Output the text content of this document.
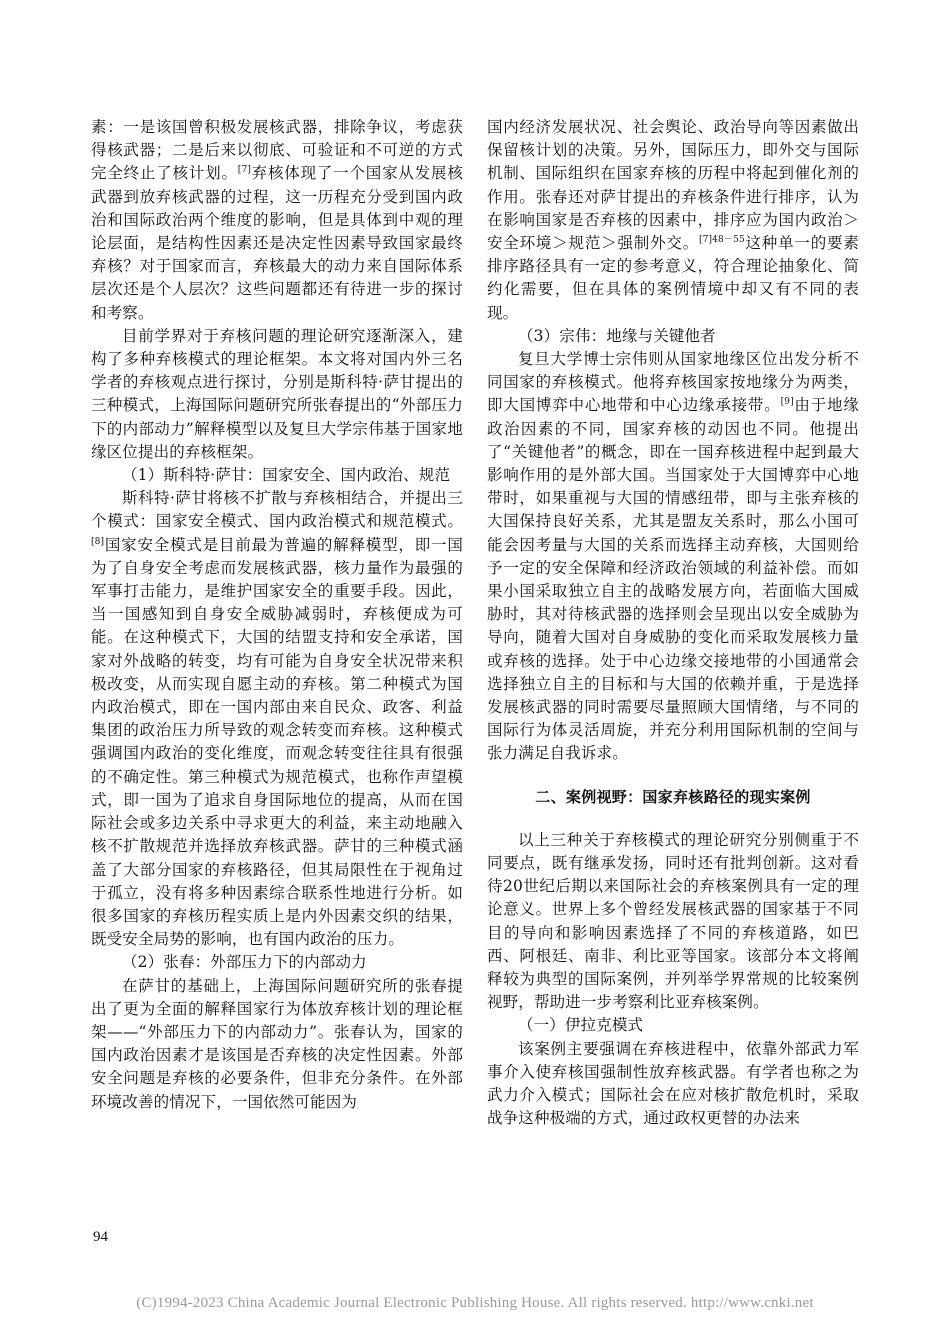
素：一是该国曾积极发展核武器，排除争议，考虑获得核武器；二是后来以彻底、可验证和不可逆的方式完全终止了核计划。[7]弃核体现了一个国家从发展核武器到放弃核武器的过程，这一历程充分受到国内政治和国际政治两个维度的影响，但是具体到中观的理论层面，是结构性因素还是决定性因素导致国家最终弃核？对于国家而言，弃核最大的动力来自国际体系层次还是个人层次？这些问题都还有待进一步的探讨和考察。

目前学界对于弃核问题的理论研究逐渐深入，建构了多种弃核模式的理论框架。本文将对国内外三名学者的弃核观点进行探讨，分别是斯科特·萨甘提出的三种模式，上海国际问题研究所张春提出的“外部压力下的内部动力”解释模型以及复旦大学宗伟基于国家地缘区位提出的弃核框架。

（1）斯科特·萨甘：国家安全、国内政治、规范

斯科特·萨甘将核不扩散与弃核相结合，并提出三个模式：国家安全模式、国内政治模式和规范模式。[8]国家安全模式是目前最为普遍的解释模型，即一国为了自身安全考虑而发展核武器，核力量作为最强的军事打击能力，是维护国家安全的重要手段。因此，当一国感知到自身安全威胁减弱时，弃核便成为可能。在这种模式下，大国的结盟支持和安全承诺，国家对外战略的转变，均有可能为自身安全状况带来积极改变，从而实现自愿主动的弃核。第二种模式为国内政治模式，即在一国内部由来自民众、政客、利益集团的政治压力所导致的观念转变而弃核。这种模式强调国内政治的变化维度，而观念转变往往具有很强的不确定性。第三种模式为规范模式，也称作声望模式，即一国为了追求自身国际地位的提高，从而在国际社会或多边关系中寻求更大的利益，来主动地融入核不扩散规范并选择放弃核武器。萨甘的三种模式涵盖了大部分国家的弃核路径，但其局限性在于视角过于孤立，没有将多种因素综合联系性地进行分析。如很多国家的弃核历程实质上是内外因素交织的结果，既受安全局势的影响，也有国内政治的压力。

（2）张春：外部压力下的内部动力

在萨甘的基础上，上海国际问题研究所的张春提出了更为全面的解释国家行为体放弃核计划的理论框架——“外部压力下的内部动力”。张春认为，国家的国内政治因素才是该国是否弃核的决定性因素。外部安全问题是弃核的必要条件，但非充分条件。在外部环境改善的情况下，一国依然可能因为

国内经济发展状况、社会舆论、政治导向等因素做出保留核计划的决策。另外，国际压力，即外交与国际机制、国际组织在国家弃核的历程中将起到催化剂的作用。张春还对萨甘提出的弃核条件进行排序，认为在影响国家是否弃核的因素中，排序应为国内政治＞安全环境＞规范＞强制外交。$^{[7]48-55}$这种单一的要素排序路径具有一定的参考意义，符合理论抽象化、简约化需要，但在具体的案例情境中却又有不同的表现。

（3）宗伟：地缘与关键他者

复旦大学博士宗伟则从国家地缘区位出发分析不同国家的弃核模式。他将弃核国家按地缘分为两类，即大国博弈中心地带和中心边缘承接带。[9]由于地缘政治因素的不同，国家弃核的动因也不同。他提出了“关键他者”的概念，即在一国弃核进程中起到最大影响作用的是外部大国。当国家处于大国博弈中心地带时，如果重视与大国的情感纽带，即与主张弃核的大国保持良好关系，尤其是盟友关系时，那么小国可能会因考量与大国的关系而选择主动弃核，大国则给予一定的安全保障和经济政治领域的利益补偿。而如果小国采取独立自主的战略发展方向，若面临大国威胁时，其对待核武器的选择则会呈现出以安全威胁为导向，随着大国对自身威胁的变化而采取发展核力量或弃核的选择。处于中心边缘交接地带的小国通常会选择独立自主的目标和与大国的依赖并重，于是选择发展核武器的同时需要尽量照顾大国情绪，与不同的国际行为体灵活周旋，并充分利用国际机制的空间与张力满足自我诉求。

二、案例视野：国家弃核路径的现实案例

以上三种关于弃核模式的理论研究分别侧重于不同要点，既有继承发扬，同时还有批判创新。这对看待20世纪后期以来国际社会的弃核案例具有一定的理论意义。世界上多个曾经发展核武器的国家基于不同目的导向和影响因素选择了不同的弃核道路，如巴西、阿根廷、南非、利比亚等国家。该部分本文将阐释较为典型的国际案例，并列举学界常规的比较案例视野，帮助进一步考察利比亚弃核案例。

（一）伊拉克模式

该案例主要强调在弃核进程中，依靠外部武力军事介入使弃核国强制性放弃核武器。有学者也称之为武力介入模式；国际社会在应对核扩散危机时，采取战争这种极端的方式，通过政权更替的办法来

94
(C)1994-2023 China Academic Journal Electronic Publishing House. All rights reserved. http://www.cnki.net
